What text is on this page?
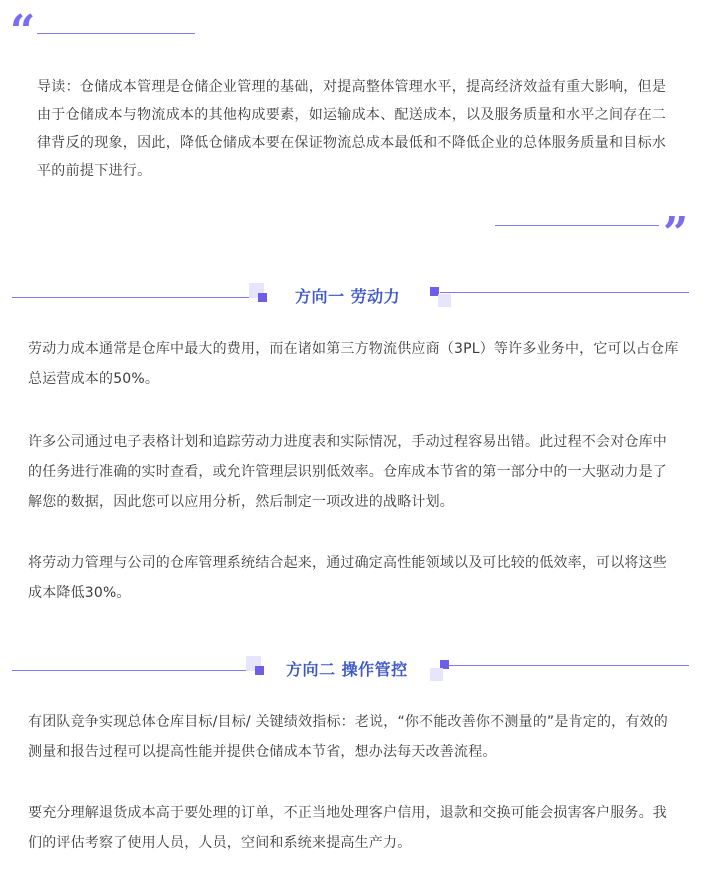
“
导读：仓储成本管理是仓储企业管理的基础，对提高整体管理水平，提高经济效益有重大影响，但是由于仓储成本与物流成本的其他构成要素，如运输成本、配送成本，以及服务质量和水平之间存在二律背反的现象，因此，降低仓储成本要在保证物流总成本最低和不降低企业的总体服务质量和目标水平的前提下进行。
”
方向一 劳动力
劳动力成本通常是仓库中最大的费用，而在诸如第三方物流供应商（3PL）等许多业务中，它可以占仓库总运营成本的50%。
许多公司通过电子表格计划和追踪劳动力进度表和实际情况，手动过程容易出错。此过程不会对仓库中的任务进行准确的实时查看，或允许管理层识别低效率。仓库成本节省的第一部分中的一大驱动力是了解您的数据，因此您可以应用分析，然后制定一项改进的战略计划。
将劳动力管理与公司的仓库管理系统结合起来，通过确定高性能领域以及可比较的低效率，可以将这些成本降低30%。
方向二 操作管控
有团队竞争实现总体仓库目标/目标/ 关键绩效指标：老说，“你不能改善你不测量的”是肯定的，有效的测量和报告过程可以提高性能并提供仓储成本节省，想办法每天改善流程。
要充分理解退货成本高于要处理的订单，不正当地处理客户信用，退款和交换可能会损害客户服务。我们的评估考察了使用人员，人员，空间和系统来提高生产力。
